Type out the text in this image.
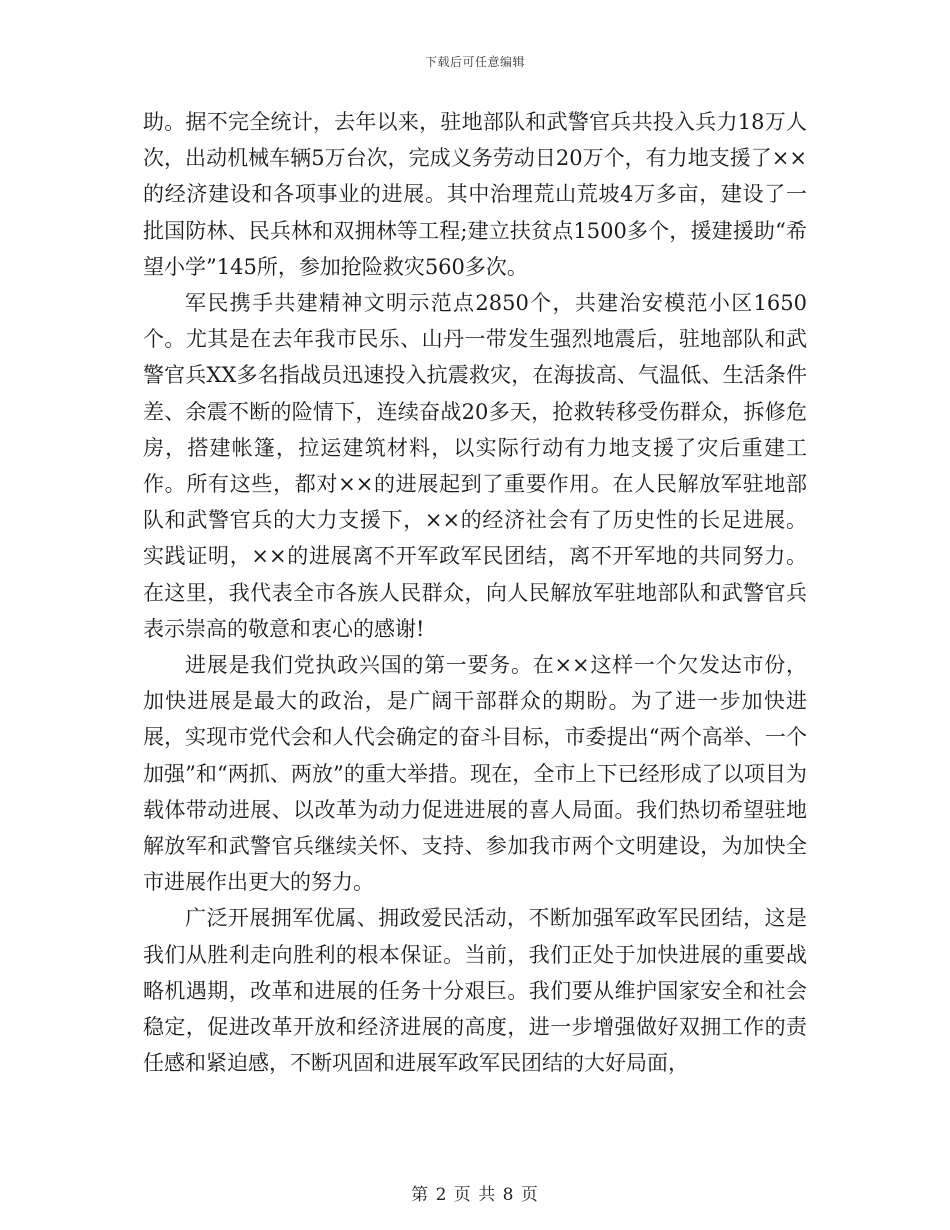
下载后可任意编辑

助。据不完全统计，去年以来，驻地部队和武警官兵共投入兵力18万人次，出动机械车辆5万台次，完成义务劳动日20万个，有力地支援了××的经济建设和各项事业的进展。其中治理荒山荒坡4万多亩，建设了一批国防林、民兵林和双拥林等工程;建立扶贫点1500多个，援建援助“希望小学”145所，参加抢险救灾560多次。

军民携手共建精神文明示范点2850个，共建治安模范小区1650个。尤其是在去年我市民乐、山丹一带发生强烈地震后，驻地部队和武警官兵XX多名指战员迅速投入抗震救灾，在海拔高、气温低、生活条件差、余震不断的险情下，连续奋战20多天，抢救转移受伤群众，拆修危房，搭建帐篷，拉运建筑材料，以实际行动有力地支援了灾后重建工作。所有这些，都对××的进展起到了重要作用。在人民解放军驻地部队和武警官兵的大力支援下，××的经济社会有了历史性的长足进展。实践证明，××的进展离不开军政军民团结，离不开军地的共同努力。在这里，我代表全市各族人民群众，向人民解放军驻地部队和武警官兵表示崇高的敬意和衷心的感谢!

进展是我们党执政兴国的第一要务。在××这样一个欠发达市份，加快进展是最大的政治，是广阔干部群众的期盼。为了进一步加快进展，实现市党代会和人代会确定的奋斗目标，市委提出“两个高举、一个加强”和“两抓、两放”的重大举措。现在，全市上下已经形成了以项目为载体带动进展、以改革为动力促进进展的喜人局面。我们热切希望驻地解放军和武警官兵继续关怀、支持、参加我市两个文明建设，为加快全市进展作出更大的努力。

广泛开展拥军优属、拥政爱民活动，不断加强军政军民团结，这是我们从胜利走向胜利的根本保证。当前，我们正处于加快进展的重要战略机遇期，改革和进展的任务十分艰巨。我们要从维护国家安全和社会稳定，促进改革开放和经济进展的高度，进一步增强做好双拥工作的责任感和紧迫感，不断巩固和进展军政军民团结的大好局面，

第 2 页 共 8 页
